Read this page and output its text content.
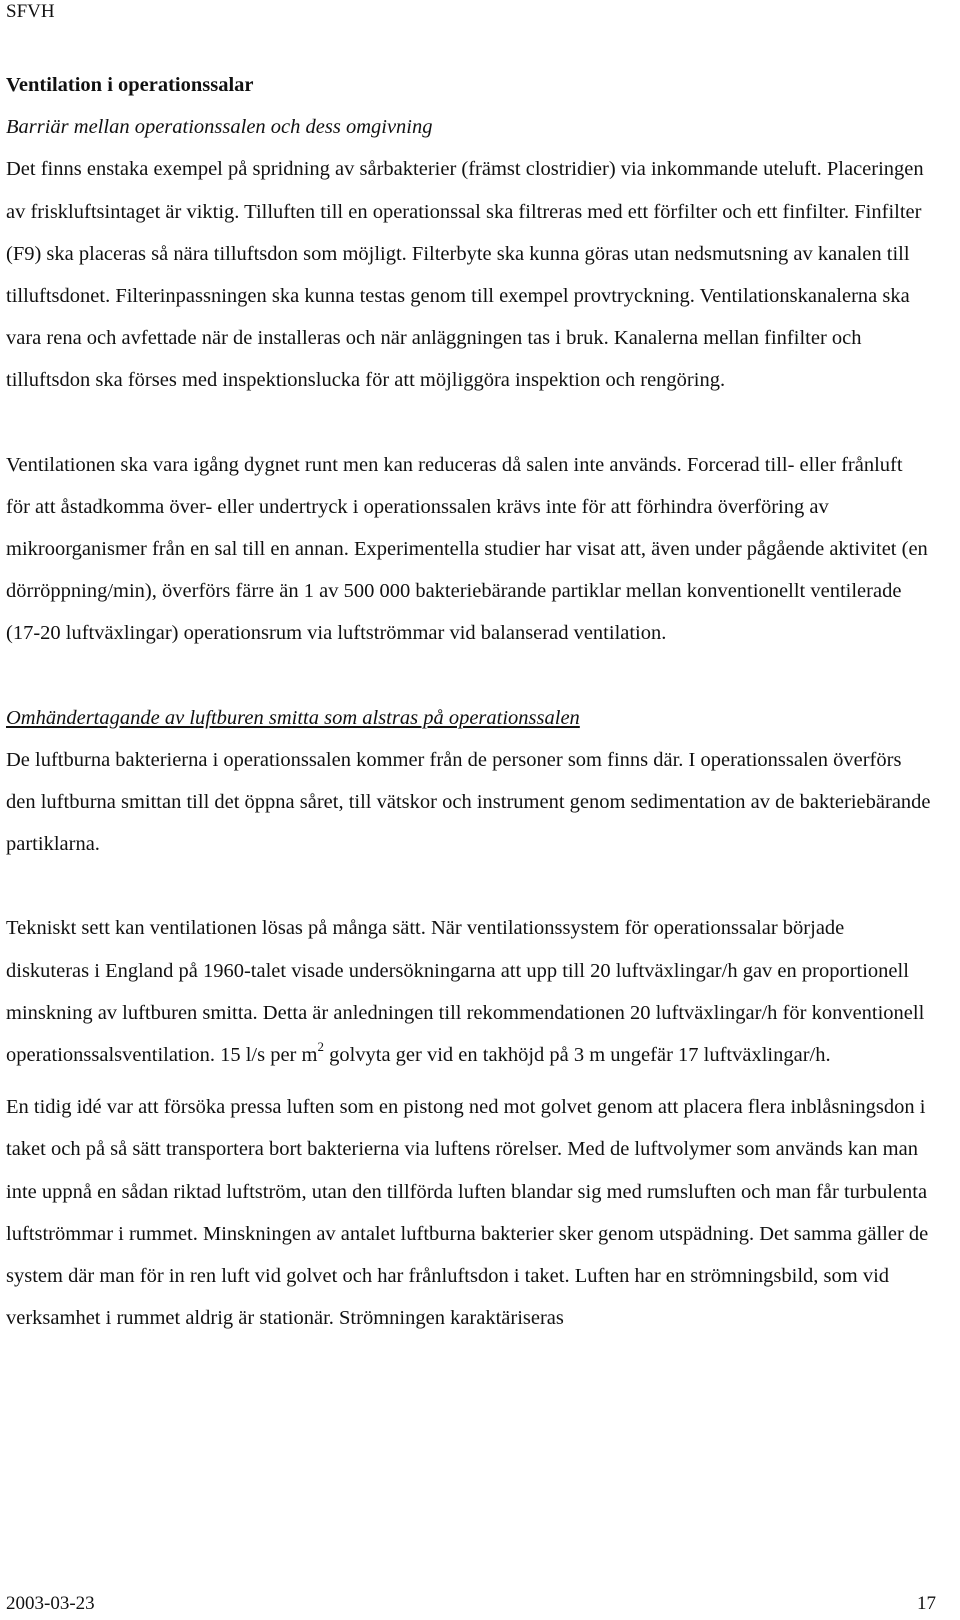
SFVH

Ventilation i operationssalar

Barriär mellan operationssalen och dess omgivning

Det finns enstaka exempel på spridning av sårbakterier (främst clostridier) via inkommande uteluft. Placeringen av friskluftsintaget är viktig. Tilluften till en operationssal ska filtreras med ett förfilter och ett finfilter. Finfilter (F9) ska placeras så nära tilluftsdon som möjligt. Filterbyte ska kunna göras utan nedsmutsning av kanalen till tilluftsdonet. Filterinpassningen ska kunna testas genom till exempel provtryckning. Ventilationskanalerna ska vara rena och avfettade när de installeras och när anläggningen tas i bruk. Kanalerna mellan finfilter och tilluftsdon ska förses med inspektionslucka för att möjliggöra inspektion och rengöring.

Ventilationen ska vara igång dygnet runt men kan reduceras då salen inte används. Forcerad till- eller frånluft för att åstadkomma över- eller undertryck i operationssalen krävs inte för att förhindra överföring av mikroorganismer från en sal till en annan. Experimentella studier har visat att, även under pågående aktivitet (en dörröppning/min), överförs färre än 1 av 500 000 bakteriebärande partiklar mellan konventionellt ventilerade (17-20 luftväxlingar) operationsrum via luftströmmar vid balanserad ventilation.

Omhändertagande av luftburen smitta som alstras på operationssalen

De luftburna bakterierna i operationssalen kommer från de personer som finns där. I operationssalen överförs den luftburna smittan till det öppna såret, till vätskor och instrument genom sedimentation av de bakteriebärande partiklarna.

Tekniskt sett kan ventilationen lösas på många sätt. När ventilationssystem för operationssalar började diskuteras i England på 1960-talet visade undersökningarna att upp till 20 luftväxlingar/h gav en proportionell minskning av luftburen smitta. Detta är anledningen till rekommendationen 20 luftväxlingar/h för konventionell operationssalsventilation. 15 l/s per $m^2$ golvyta ger vid en takhöjd på 3 m ungefär 17 luftväxlingar/h.

En tidig idé var att försöka pressa luften som en pistong ned mot golvet genom att placera flera inblåsningsdon i taket och på så sätt transportera bort bakterierna via luftens rörelser. Med de luftvolymer som används kan man inte uppnå en sådan riktad luftström, utan den tillförda luften blandar sig med rumsluften och man får turbulenta luftströmmar i rummet. Minskningen av antalet luftburna bakterier sker genom utspädning. Det samma gäller de system där man för in ren luft vid golvet och har frånluftsdon i taket. Luften har en strömningsbild, som vid verksamhet i rummet aldrig är stationär. Strömningen karaktäriseras

2003-03-23	17
